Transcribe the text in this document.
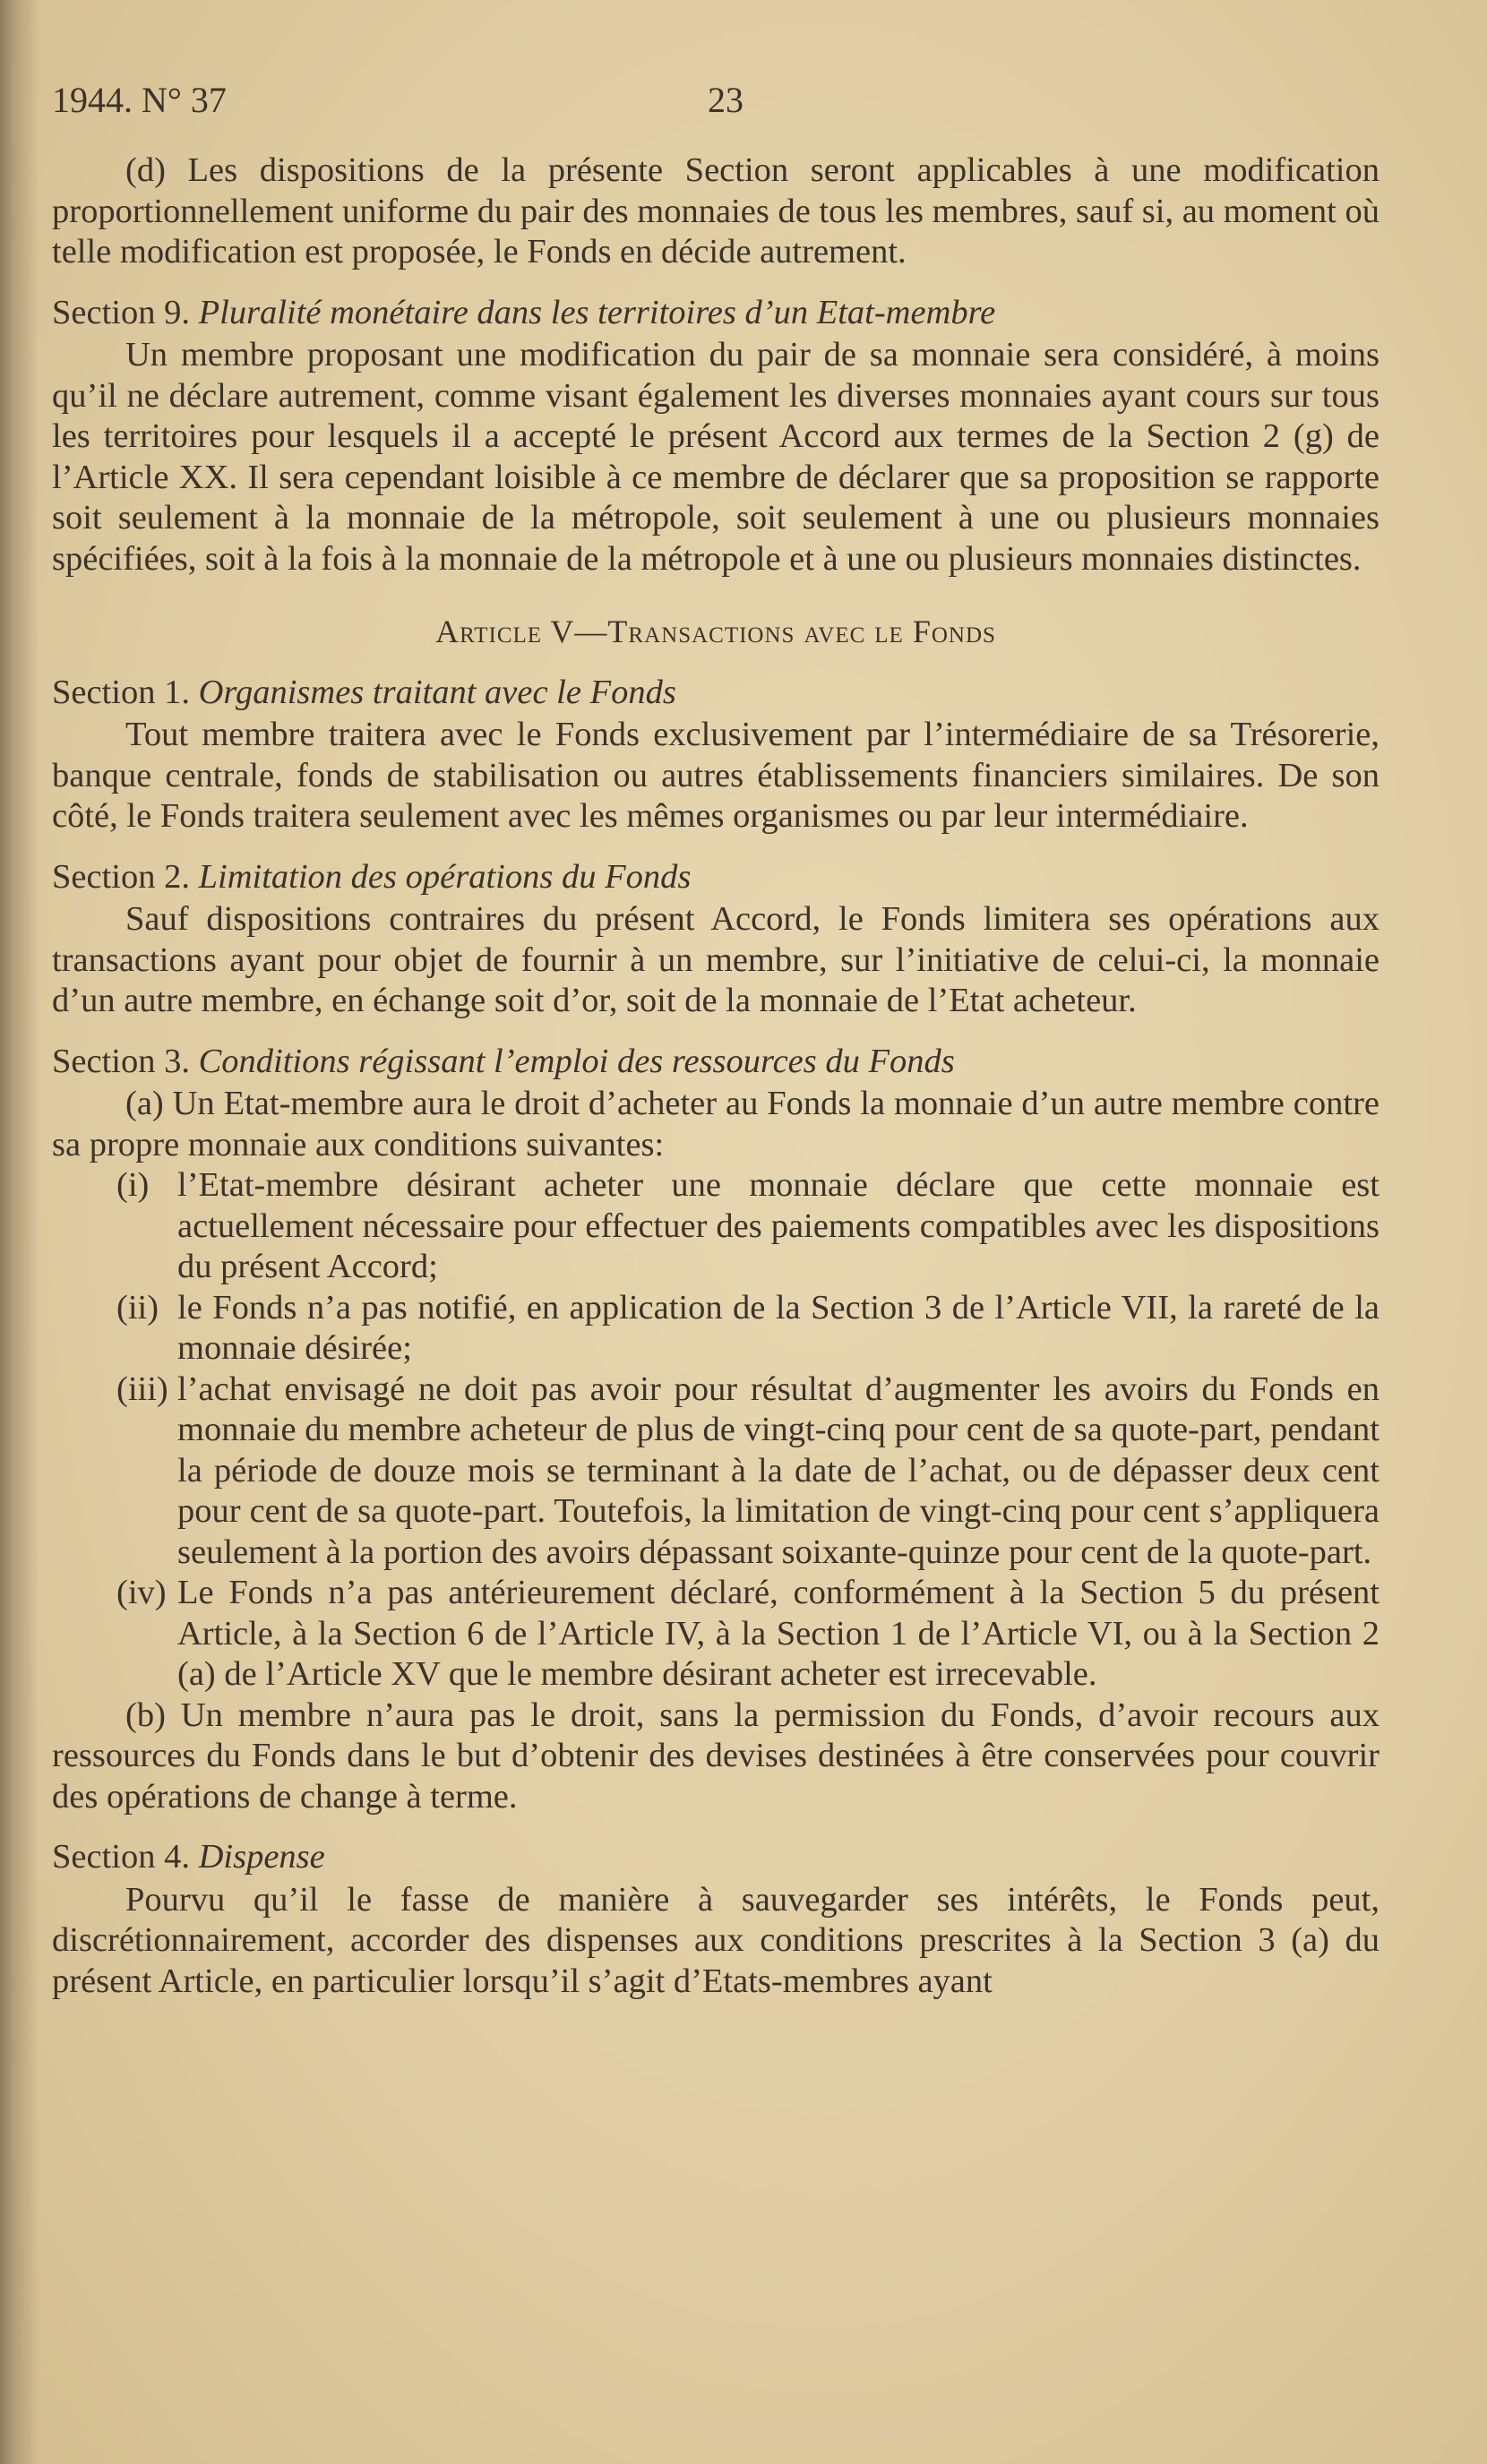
1944. N° 37	23

(d) Les dispositions de la présente Section seront applicables à une modification proportionnellement uniforme du pair des monnaies de tous les membres, sauf si, au moment où telle modification est proposée, le Fonds en décide autrement.

Section 9. Pluralité monétaire dans les territoires d’un Etat-membre

Un membre proposant une modification du pair de sa monnaie sera considéré, à moins qu’il ne déclare autrement, comme visant également les diverses monnaies ayant cours sur tous les territoires pour lesquels il a accepté le présent Accord aux termes de la Section 2 (g) de l’Article XX. Il sera cependant loisible à ce membre de déclarer que sa proposition se rapporte soit seulement à la monnaie de la métropole, soit seulement à une ou plusieurs monnaies spécifiées, soit à la fois à la monnaie de la métropole et à une ou plusieurs monnaies distinctes.

Article V—Transactions avec le Fonds
Section 1. Organismes traitant avec le Fonds

Tout membre traitera avec le Fonds exclusivement par l’intermédiaire de sa Trésorerie, banque centrale, fonds de stabilisation ou autres établissements financiers similaires. De son côté, le Fonds traitera seulement avec les mêmes organismes ou par leur intermédiaire.

Section 2. Limitation des opérations du Fonds

Sauf dispositions contraires du présent Accord, le Fonds limitera ses opérations aux transactions ayant pour objet de fournir à un membre, sur l’initiative de celui-ci, la monnaie d’un autre membre, en échange soit d’or, soit de la monnaie de l’Etat acheteur.

Section 3. Conditions régissant l’emploi des ressources du Fonds

(a) Un Etat-membre aura le droit d’acheter au Fonds la monnaie d’un autre membre contre sa propre monnaie aux conditions suivantes:

(i) l’Etat-membre désirant acheter une monnaie déclare que cette monnaie est actuellement nécessaire pour effectuer des paiements compatibles avec les dispositions du présent Accord;
(ii) le Fonds n’a pas notifié, en application de la Section 3 de l’Article VII, la rareté de la monnaie désirée;
(iii) l’achat envisagé ne doit pas avoir pour résultat d’augmenter les avoirs du Fonds en monnaie du membre acheteur de plus de vingt-cinq pour cent de sa quote-part, pendant la période de douze mois se terminant à la date de l’achat, ou de dépasser deux cent pour cent de sa quote-part. Toutefois, la limitation de vingt-cinq pour cent s’appliquera seulement à la portion des avoirs dépassant soixante-quinze pour cent de la quote-part.
(iv) Le Fonds n’a pas antérieurement déclaré, conformément à la Section 5 du présent Article, à la Section 6 de l’Article IV, à la Section 1 de l’Article VI, ou à la Section 2 (a) de l’Article XV que le membre désirant acheter est irrecevable.

(b) Un membre n’aura pas le droit, sans la permission du Fonds, d’avoir recours aux ressources du Fonds dans le but d’obtenir des devises destinées à être conservées pour couvrir des opérations de change à terme.

Section 4. Dispense

Pourvu qu’il le fasse de manière à sauvegarder ses intérêts, le Fonds peut, discrétionnairement, accorder des dispenses aux conditions prescrites à la Section 3 (a) du présent Article, en particulier lorsqu’il s’agit d’Etats-membres ayant
